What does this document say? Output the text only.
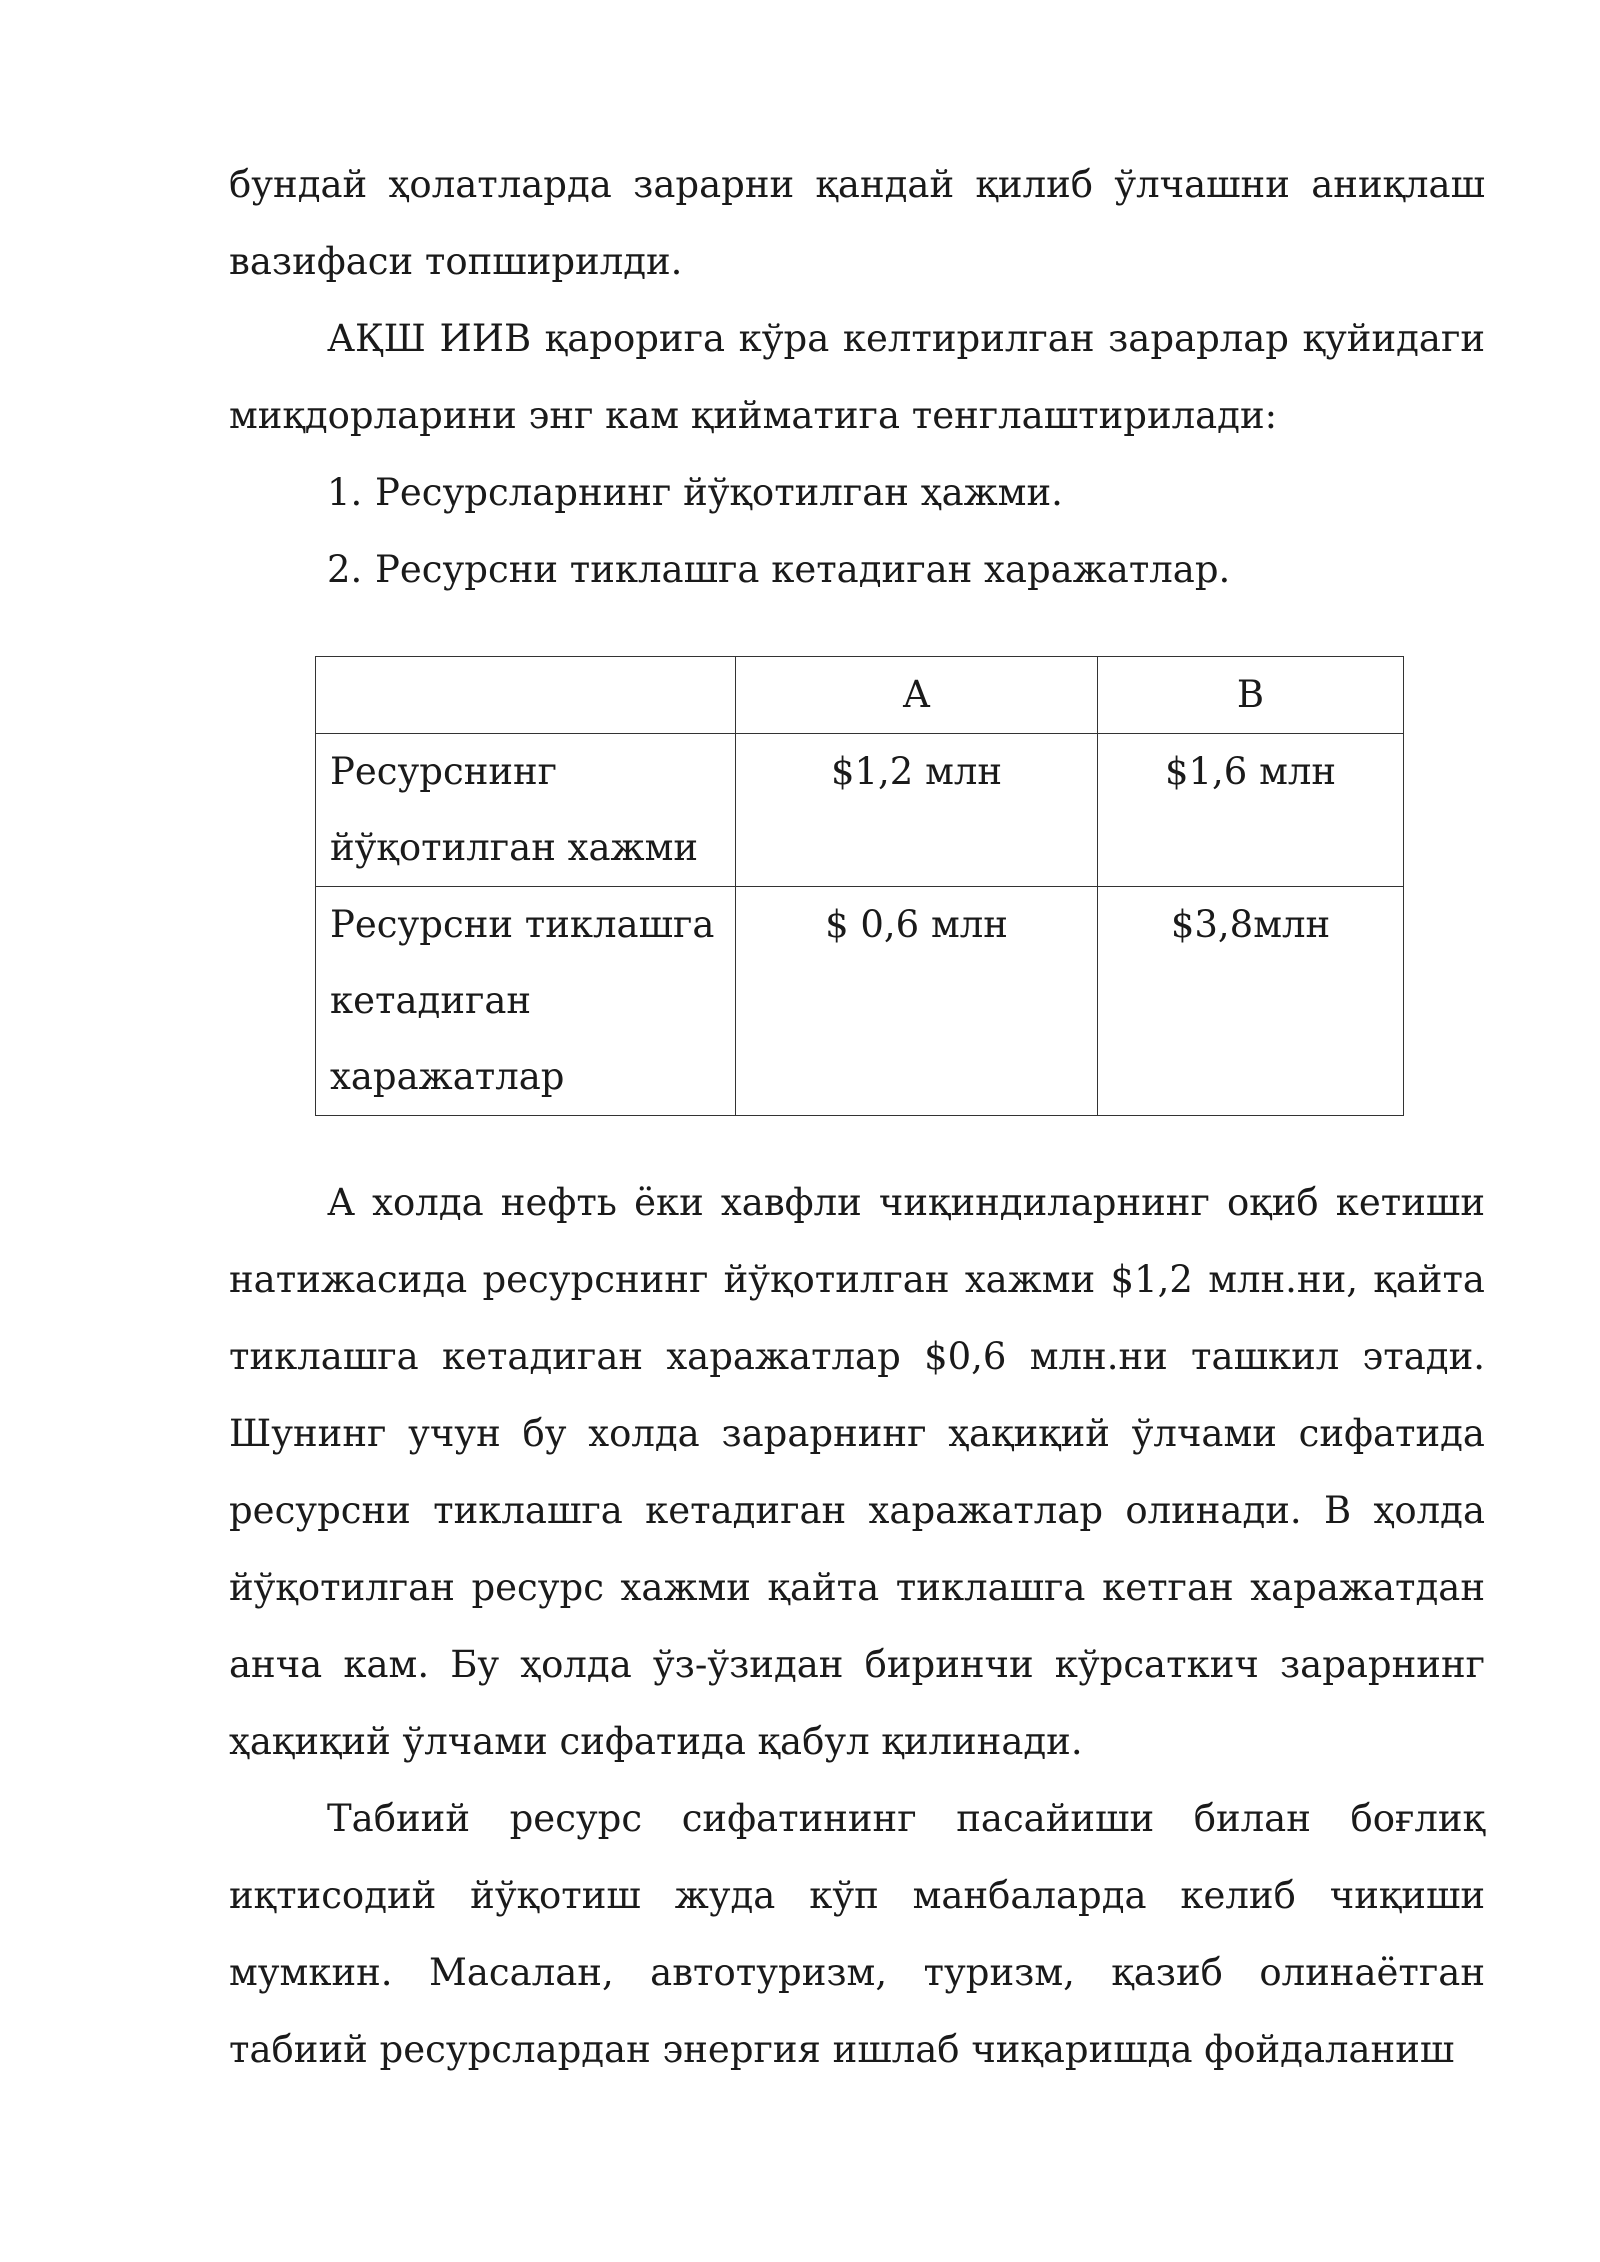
бундай ҳолатларда зарарни қандай қилиб ўлчашни аниқлаш вазифаси топширилди.

АҚШ ИИВ қарорига кўра келтирилган зарарлар қуйидаги миқдорларини энг кам қийматига тенглаштирилади:

1. Ресурсларнинг йўқотилган ҳажми.
2. Ресурсни тиклашга кетадиган харажатлар.
	A	B
Ресурснинг йўқотилган хажми	$1,2 млн	$1,6 млн
Ресурсни тиклашга кетадиган харажатлар	$ 0,6 млн	$3,8млн

А холда нефть ёки хавфли чиқиндиларнинг оқиб кетиши натижасида ресурснинг йўқотилган хажми $1,2 млн.ни, қайта тиклашга кетадиган харажатлар $0,6 млн.ни ташкил этади. Шунинг учун бу холда зарарнинг ҳақиқий ўлчами сифатида ресурсни тиклашга кетадиган харажатлар олинади. В ҳолда йўқотилган ресурс хажми қайта тиклашга кетган харажатдан анча кам. Бу ҳолда ўз-ўзидан биринчи кўрсаткич зарарнинг ҳақиқий ўлчами сифатида қабул қилинади.

Табиий ресурс сифатининг пасайиши билан боғлиқ иқтисодий йўқотиш жуда кўп манбаларда келиб чиқиши мумкин. Масалан, автотуризм, туризм, қазиб олинаётган табиий ресурслардан энергия ишлаб чиқаришда фойдаланиш
